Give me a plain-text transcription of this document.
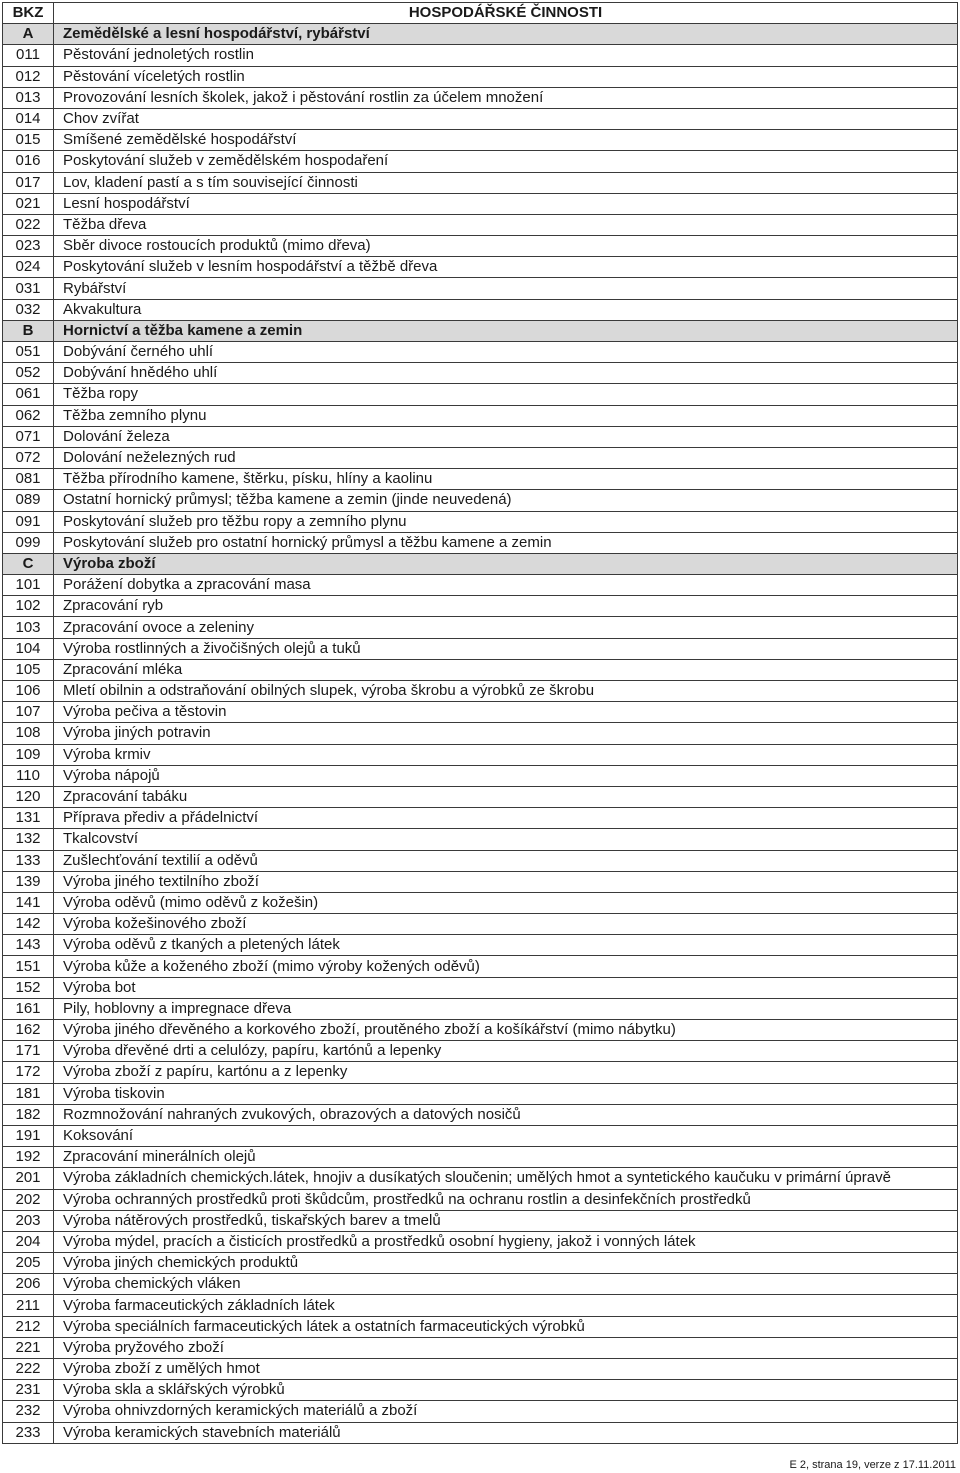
BKZ	HOSPODÁŘSKÉ ČINNOSTI
A	Zemědělské a lesní hospodářství, rybářství
011	Pěstování jednoletých rostlin
012	Pěstování víceletých rostlin
013	Provozování lesních školek, jakož i pěstování rostlin za účelem množení
014	Chov zvířat
015	Smíšené zemědělské hospodářství
016	Poskytování služeb v zemědělském hospodaření
017	Lov, kladení pastí a s tím související činnosti
021	Lesní hospodářství
022	Těžba dřeva
023	Sběr divoce rostoucích produktů (mimo dřeva)
024	Poskytování služeb v lesním hospodářství a těžbě dřeva
031	Rybářství
032	Akvakultura
B	Hornictví a těžba kamene a zemin
051	Dobývání černého uhlí
052	Dobývání hnědého uhlí
061	Těžba ropy
062	Těžba zemního plynu
071	Dolování železa
072	Dolování neželezných rud
081	Těžba přírodního kamene, štěrku, písku, hlíny a kaolinu
089	Ostatní hornický průmysl; těžba kamene a zemin (jinde neuvedená)
091	Poskytování služeb pro těžbu ropy a zemního plynu
099	Poskytování služeb pro ostatní hornický průmysl a těžbu kamene a zemin
C	Výroba zboží
101	Porážení dobytka a zpracování masa
102	Zpracování ryb
103	Zpracování ovoce a zeleniny
104	Výroba rostlinných a živočišných olejů a tuků
105	Zpracování mléka
106	Mletí obilnin a odstraňování obilných slupek, výroba škrobu a výrobků ze škrobu
107	Výroba pečiva a těstovin
108	Výroba jiných potravin
109	Výroba krmiv
110	Výroba nápojů
120	Zpracování tabáku
131	Příprava přediv a přádelnictví
132	Tkalcovství
133	Zušlechťování textilií a oděvů
139	Výroba jiného textilního zboží
141	Výroba oděvů (mimo oděvů z kožešin)
142	Výroba kožešinového zboží
143	Výroba oděvů z tkaných a pletených látek
151	Výroba kůže a koženého zboží (mimo výroby kožených oděvů)
152	Výroba bot
161	Pily, hoblovny a impregnace dřeva
162	Výroba jiného dřevěného a korkového zboží, proutěného zboží a košíkářství (mimo nábytku)
171	Výroba dřevěné drti a celulózy, papíru, kartónů a lepenky
172	Výroba zboží z papíru, kartónu a z lepenky
181	Výroba tiskovin
182	Rozmnožování nahraných zvukových, obrazových a datových nosičů
191	Koksování
192	Zpracování minerálních olejů
201	Výroba základních chemických.látek, hnojiv a dusíkatých sloučenin; umělých hmot a syntetického kaučuku v primární úpravě
202	Výroba ochranných prostředků proti škůdcům, prostředků na ochranu rostlin a desinfekčních prostředků
203	Výroba nátěrových prostředků, tiskařských barev a tmelů
204	Výroba mýdel, pracích a čisticích prostředků a prostředků osobní hygieny, jakož i vonných látek
205	Výroba jiných chemických produktů
206	Výroba chemických vláken
211	Výroba farmaceutických základních látek
212	Výroba speciálních farmaceutických látek a ostatních farmaceutických výrobků
221	Výroba pryžového zboží
222	Výroba zboží z umělých hmot
231	Výroba skla a sklářských výrobků
232	Výroba ohnivzdorných keramických materiálů a zboží
233	Výroba keramických stavebních materiálů
E 2, strana 19, verze z 17.11.2011
